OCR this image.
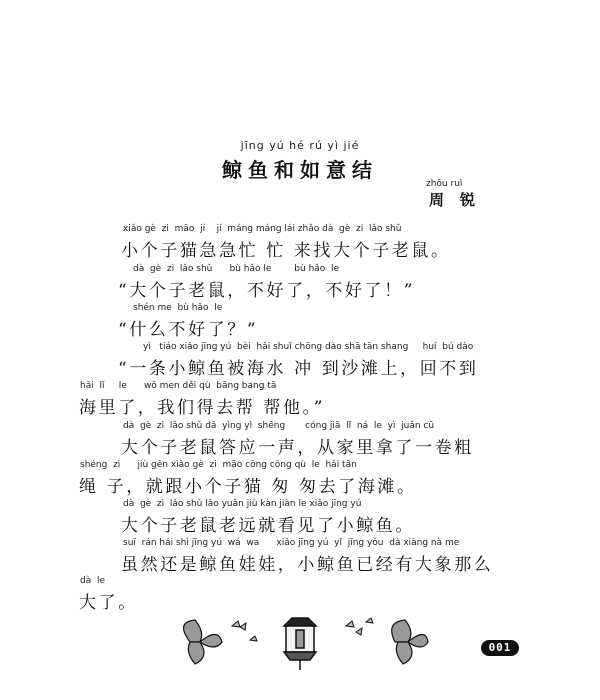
jīng yú hé rú yì jié
鲸鱼和如意结
zhōu ruì
周锐
xiǎo gè  zi  māo  jí    jí  máng máng lái zhǎo dà  gè  zi  lǎo shǔ
小个子猫急急忙 忙 来找大个子老鼠。
dà  gè  zi  lǎo shǔ      bù hǎo le        bù hǎo  le
“大个子老鼠，不好了，不好了！”
shén me  bù hǎo  le
“什么不好了？”
yì   tiáo xiǎo jīng yú  bèi  hǎi shuǐ chōng dào shā tān shang     huí  bú dào
“一条小鲸鱼被海水 冲 到沙滩上，回不到
hǎi  lǐ     le      wǒ men děi qù  bāng bang tā
海里了，我们得去帮 帮他。”
dà  gè  zi  lǎo shǔ dā  yìng yì  shēng       cóng jiā  lǐ  ná  le  yì  juǎn cū
大个子老鼠答应一声，从家里拿了一卷粗
shéng  zi      jiù gēn xiǎo gè  zi  māo cōng cōng qù  le  hǎi tān
绳 子，就跟小个子猫 匆 匆去了海滩。
dà  gè  zi  lǎo shǔ lǎo yuǎn jiù kàn jiàn le xiǎo jīng yú
大个子老鼠老远就看见了小鲸鱼。
suī  rán hái shì jīng yú  wá  wa      xiǎo jīng yú  yǐ  jīng yǒu  dà xiàng nà me
虽然还是鲸鱼娃娃，小鲸鱼已经有大象那么
dà  le
大了。
001
